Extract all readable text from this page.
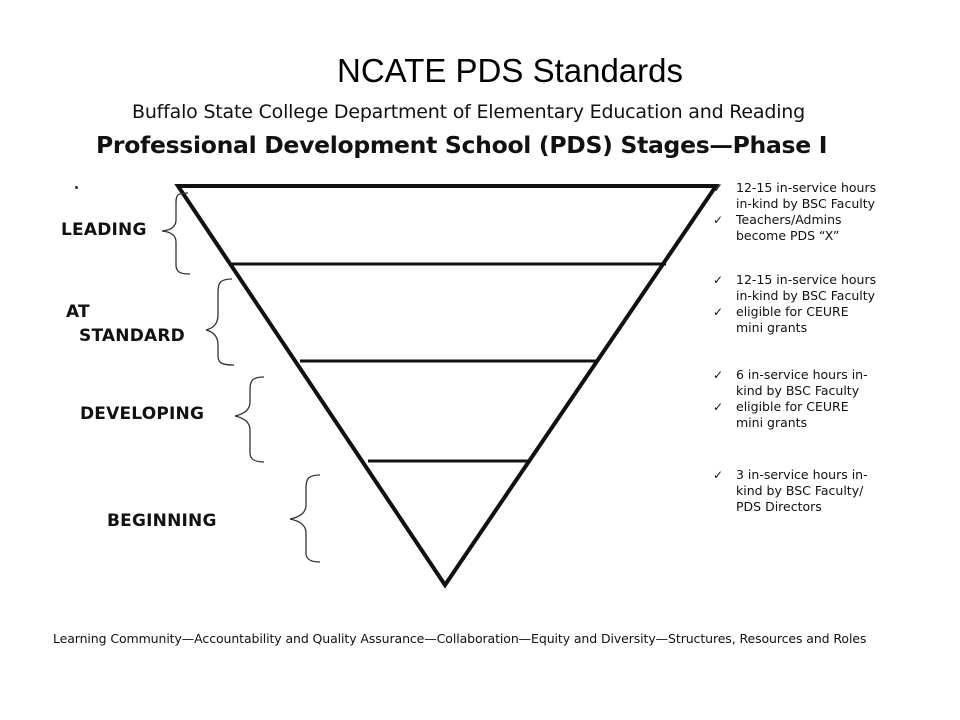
NCATE PDS Standards
Buffalo State College Department of Elementary Education and Reading
Professional Development School (PDS) Stages—Phase I
LEADING
AT
STANDARD
DEVELOPING
BEGINNING
✓ 12-15 in-service hours
in-kind by BSC Faculty
✓ Teachers/Admins
become PDS “X”
✓ 12-15 in-service hours
in-kind by BSC Faculty
✓ eligible for CEURE
mini grants
✓ 6 in-service hours in-
kind by BSC Faculty
✓ eligible for CEURE
mini grants
✓ 3 in-service hours in-
kind by BSC Faculty/
PDS Directors
Learning Community—Accountability and Quality Assurance—Collaboration—Equity and Diversity—Structures, Resources and Roles
